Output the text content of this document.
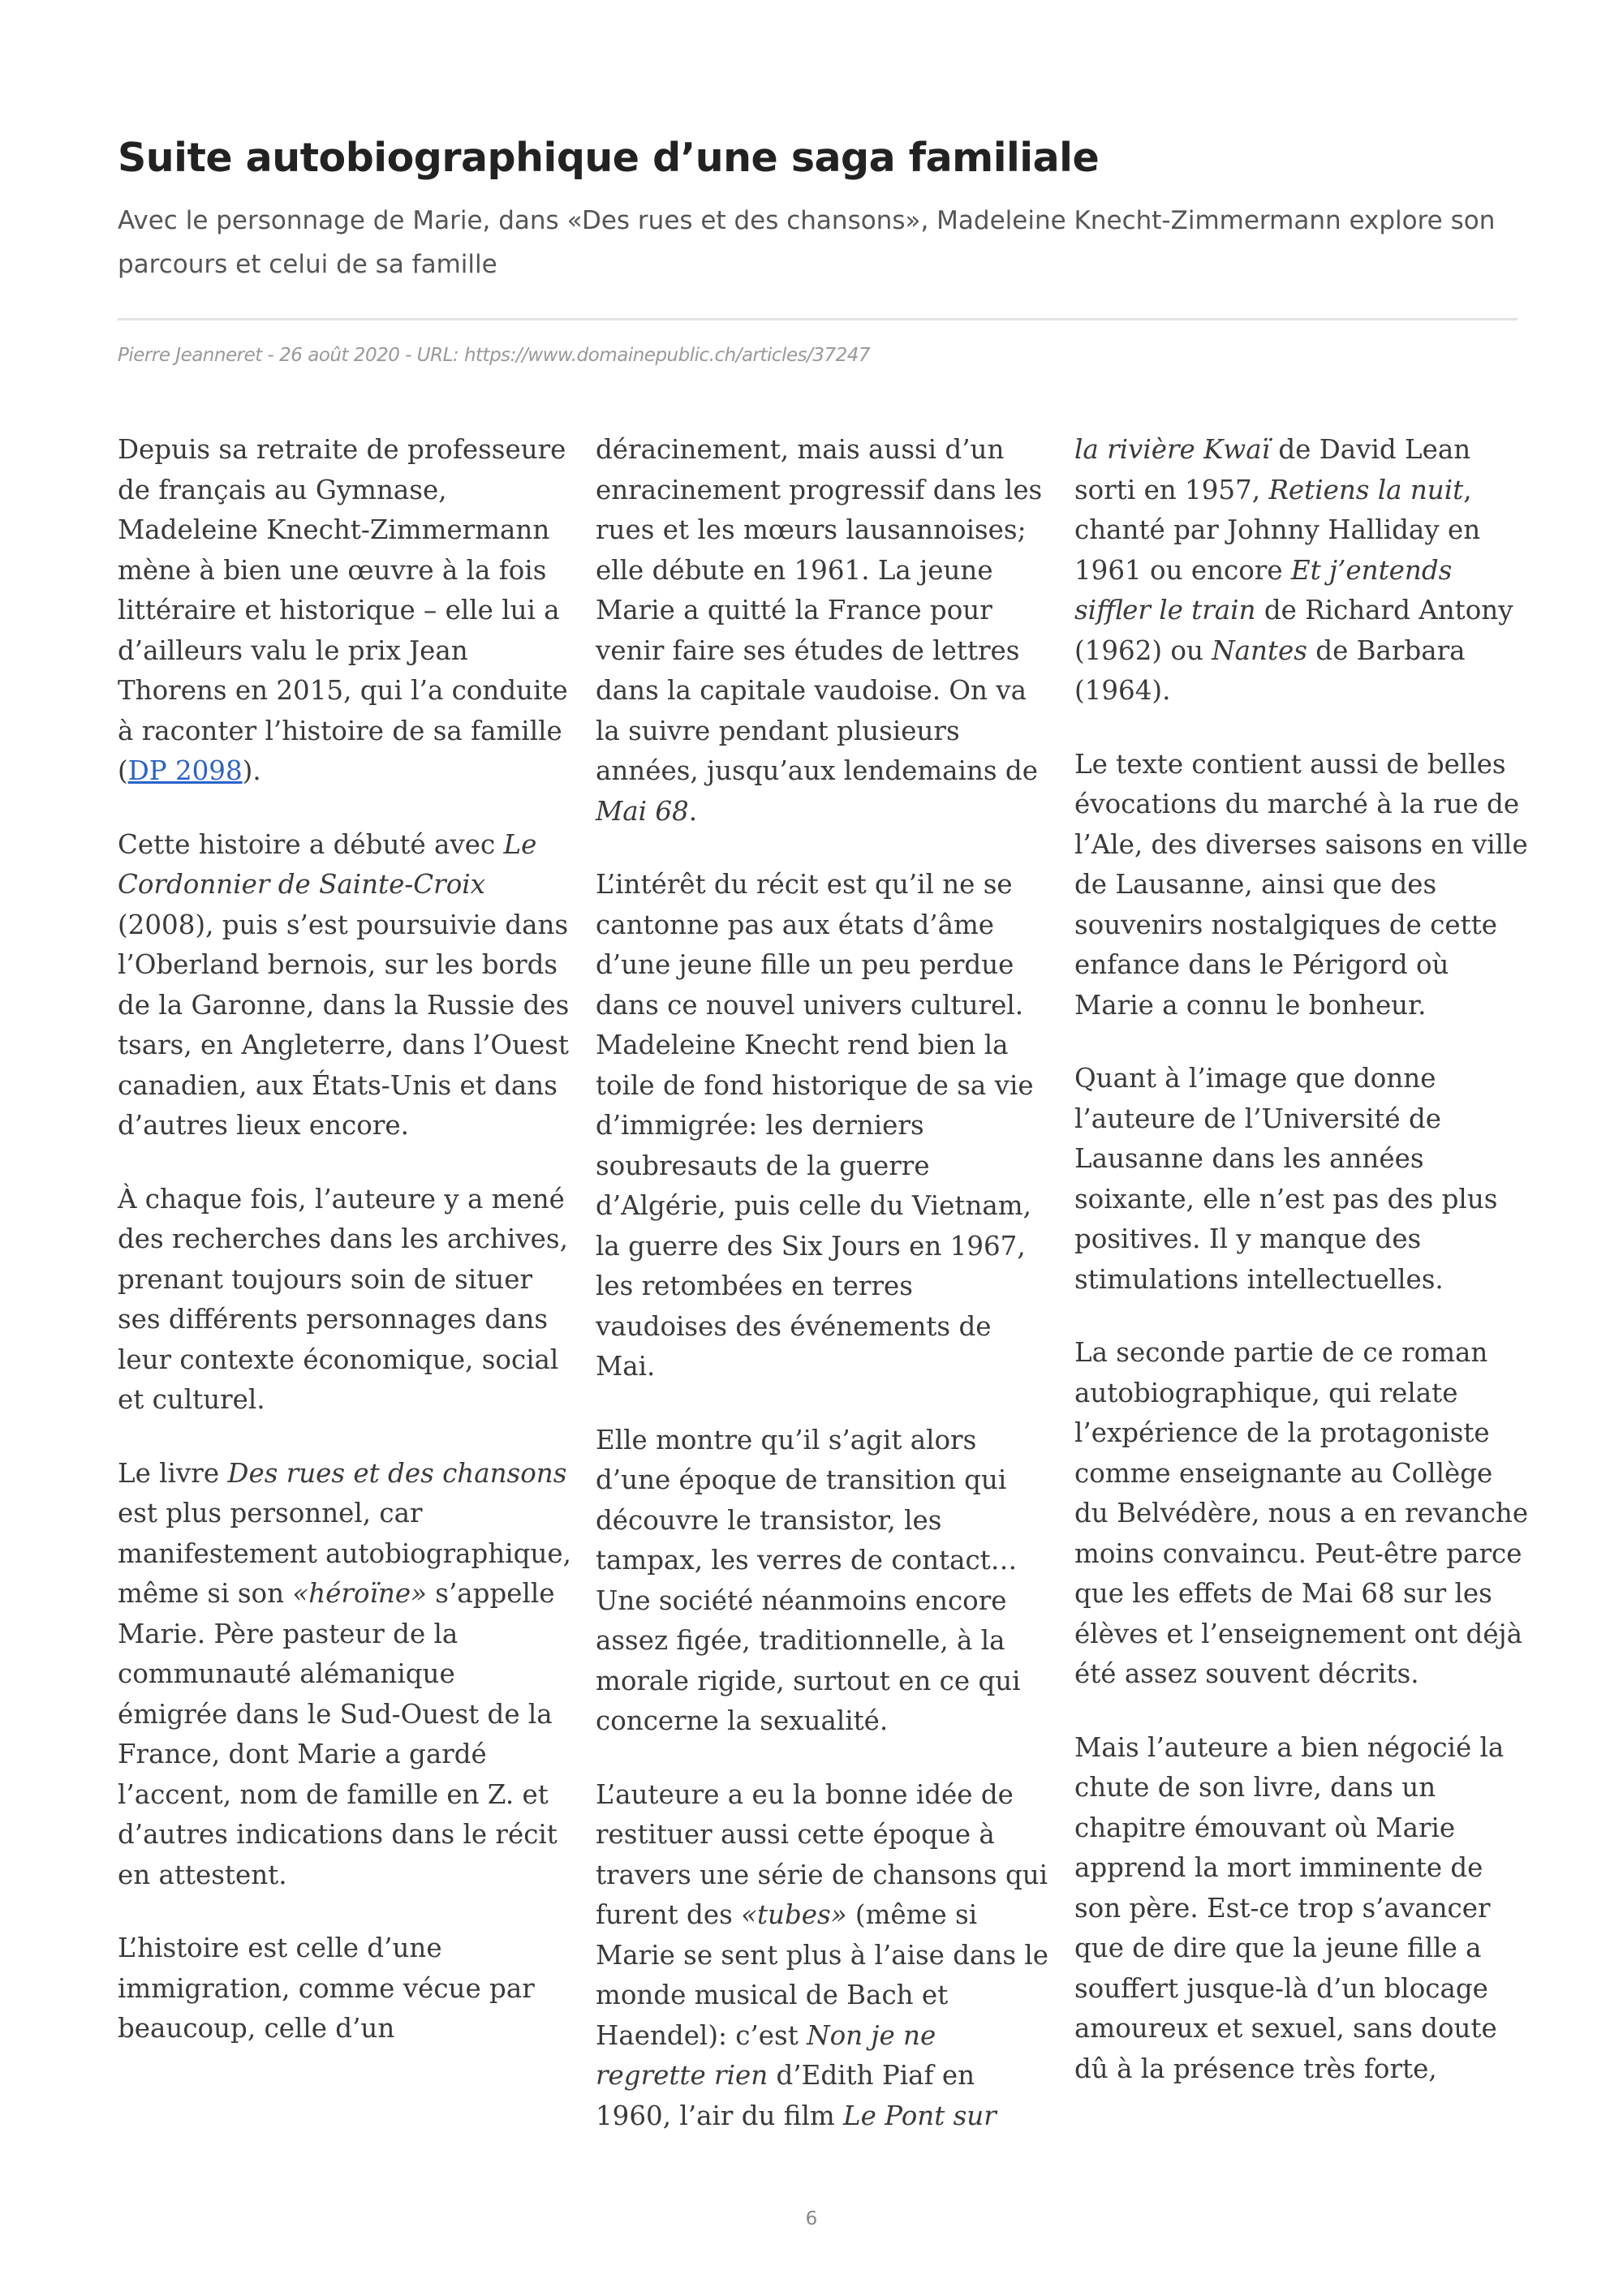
Suite autobiographique d’une saga familiale

Avec le personnage de Marie, dans «Des rues et des chansons», Madeleine Knecht-Zimmermann explore son parcours et celui de sa famille

Pierre Jeanneret - 26 août 2020 - URL: https://www.domainepublic.ch/articles/37247

Depuis sa retraite de professeure de français au Gymnase, Madeleine Knecht-Zimmermann mène à bien une œuvre à la fois littéraire et historique – elle lui a d’ailleurs valu le prix Jean Thorens en 2015, qui l’a conduite à raconter l’histoire de sa famille (DP 2098).

Cette histoire a débuté avec Le Cordonnier de Sainte-Croix (2008), puis s’est poursuivie dans l’Oberland bernois, sur les bords de la Garonne, dans la Russie des tsars, en Angleterre, dans l’Ouest canadien, aux États-Unis et dans d’autres lieux encore.

À chaque fois, l’auteure y a mené des recherches dans les archives, prenant toujours soin de situer ses différents personnages dans leur contexte économique, social et culturel.

Le livre Des rues et des chansons est plus personnel, car manifestement autobiographique, même si son «héroïne» s’appelle Marie. Père pasteur de la communauté alémanique émigrée dans le Sud-Ouest de la France, dont Marie a gardé l’accent, nom de famille en Z. et d’autres indications dans le récit en attestent.

L’histoire est celle d’une immigration, comme vécue par beaucoup, celle d’un

déracinement, mais aussi d’un enracinement progressif dans les rues et les mœurs lausannoises; elle débute en 1961. La jeune Marie a quitté la France pour venir faire ses études de lettres dans la capitale vaudoise. On va la suivre pendant plusieurs années, jusqu’aux lendemains de Mai 68.

L’intérêt du récit est qu’il ne se cantonne pas aux états d’âme d’une jeune fille un peu perdue dans ce nouvel univers culturel. Madeleine Knecht rend bien la toile de fond historique de sa vie d’immigrée: les derniers soubresauts de la guerre d’Algérie, puis celle du Vietnam, la guerre des Six Jours en 1967, les retombées en terres vaudoises des événements de Mai.

Elle montre qu’il s’agit alors d’une époque de transition qui découvre le transistor, les tampax, les verres de contact… Une société néanmoins encore assez figée, traditionnelle, à la morale rigide, surtout en ce qui concerne la sexualité.

L’auteure a eu la bonne idée de restituer aussi cette époque à travers une série de chansons qui furent des «tubes» (même si Marie se sent plus à l’aise dans le monde musical de Bach et Haendel): c’est Non je ne regrette rien d’Edith Piaf en 1960, l’air du film Le Pont sur

la rivière Kwaï de David Lean sorti en 1957, Retiens la nuit, chanté par Johnny Halliday en 1961 ou encore Et j’entends siffler le train de Richard Antony (1962) ou Nantes de Barbara (1964).

Le texte contient aussi de belles évocations du marché à la rue de l’Ale, des diverses saisons en ville de Lausanne, ainsi que des souvenirs nostalgiques de cette enfance dans le Périgord où Marie a connu le bonheur.

Quant à l’image que donne l’auteure de l’Université de Lausanne dans les années soixante, elle n’est pas des plus positives. Il y manque des stimulations intellectuelles.

La seconde partie de ce roman autobiographique, qui relate l’expérience de la protagoniste comme enseignante au Collège du Belvédère, nous a en revanche moins convaincu. Peut-être parce que les effets de Mai 68 sur les élèves et l’enseignement ont déjà été assez souvent décrits.

Mais l’auteure a bien négocié la chute de son livre, dans un chapitre émouvant où Marie apprend la mort imminente de son père. Est-ce trop s’avancer que de dire que la jeune fille a souffert jusque-là d’un blocage amoureux et sexuel, sans doute dû à la présence très forte,

6
